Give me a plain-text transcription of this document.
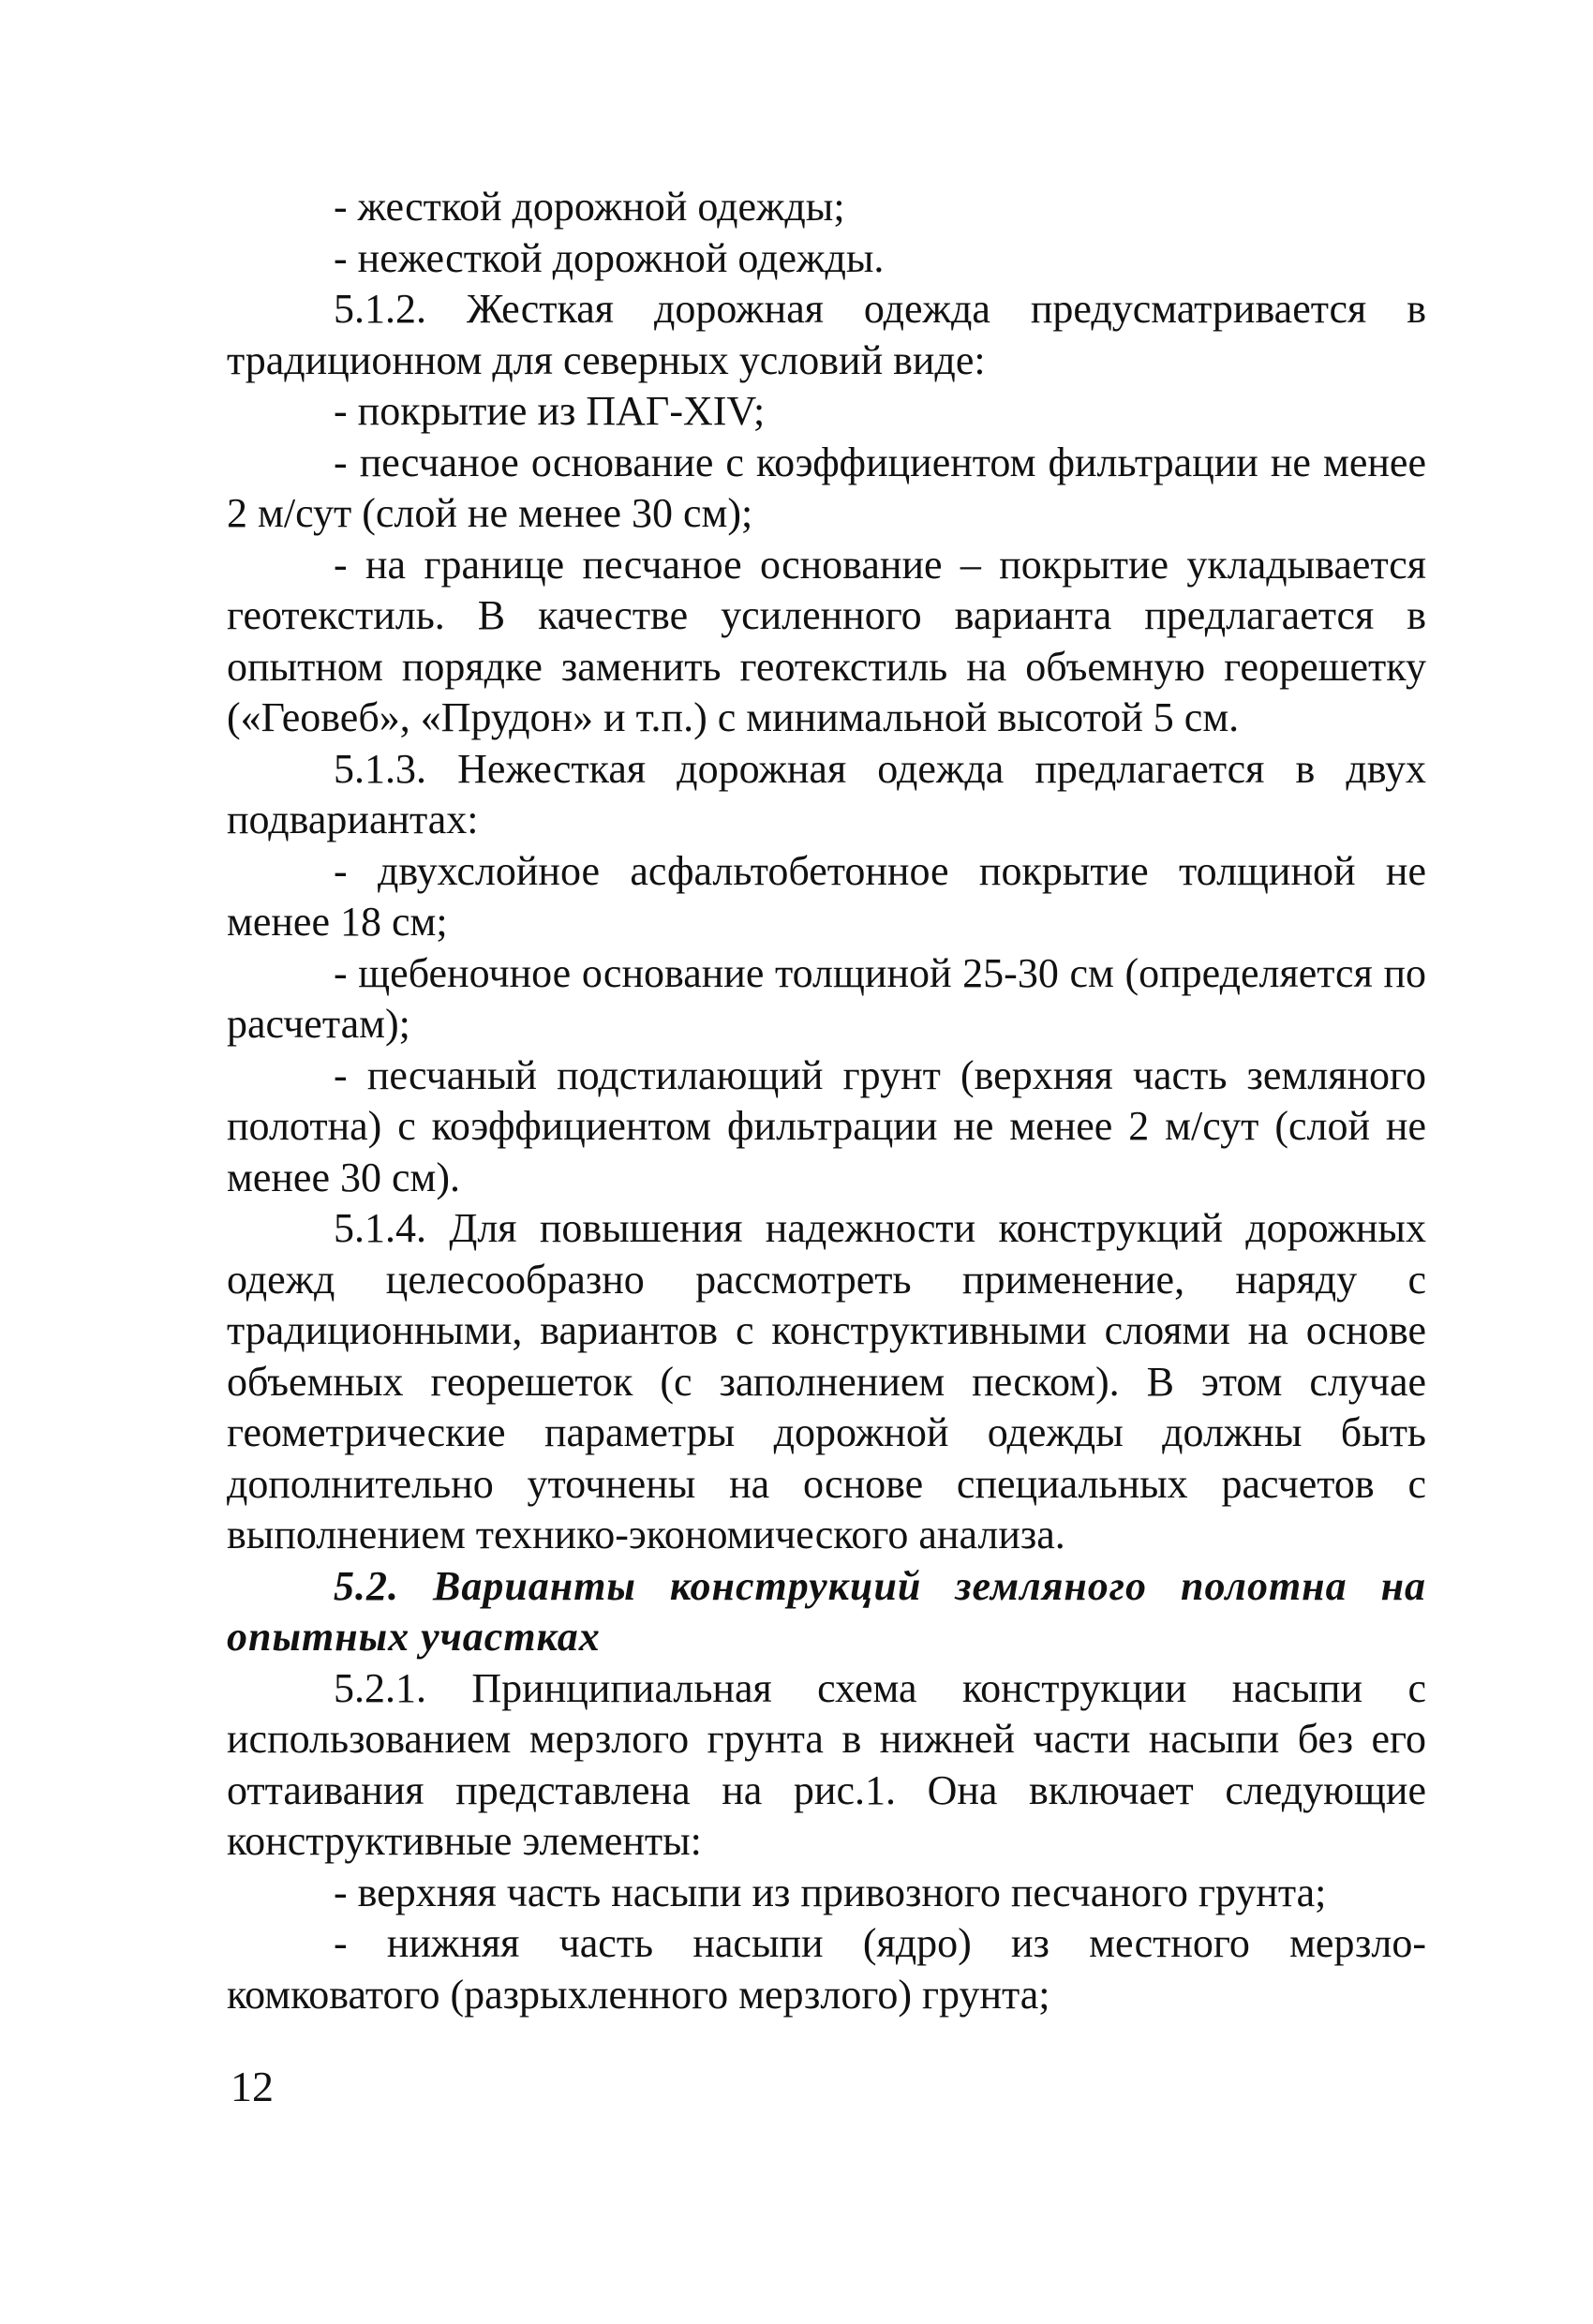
- жесткой дорожной одежды;

- нежесткой дорожной одежды.

5.1.2. Жесткая дорожная одежда предусматривается в традиционном для северных условий виде:

- покрытие из ПАГ-XIV;

- песчаное основание с коэффициентом фильтрации не менее 2 м/сут (слой не менее 30 см);

- на границе песчаное основание – покрытие укладывается геотекстиль. В качестве усиленного варианта предлагается в опытном порядке заменить геотекстиль на объемную георешетку («Геовеб», «Прудон» и т.п.) с минимальной высотой 5 см.

5.1.3. Нежесткая дорожная одежда предлагается в двух подвариантах:

- двухслойное асфальтобетонное покрытие толщиной не менее 18 см;

- щебеночное основание толщиной 25-30 см (определяется по расчетам);

- песчаный подстилающий грунт (верхняя часть земляного полотна) с коэффициентом фильтрации не менее 2 м/сут (слой не менее 30 см).

5.1.4. Для повышения надежности конструкций дорожных одежд целесообразно рассмотреть применение, наряду с традиционными, вариантов с конструктивными слоями на основе объемных георешеток (с заполнением песком). В этом случае геометрические параметры дорожной одежды должны быть дополнительно уточнены на основе специальных расчетов с выполнением технико-экономического анализа.

5.2. Варианты конструкций земляного полотна на опытных участках

5.2.1. Принципиальная схема конструкции насыпи с использованием мерзлого грунта в нижней части насыпи без его оттаивания представлена на рис.1. Она включает следующие конструктивные элементы:

- верхняя часть насыпи из привозного песчаного грунта;

- нижняя часть насыпи (ядро) из местного мерзло-комковатого (разрыхленного мерзлого) грунта;

12
